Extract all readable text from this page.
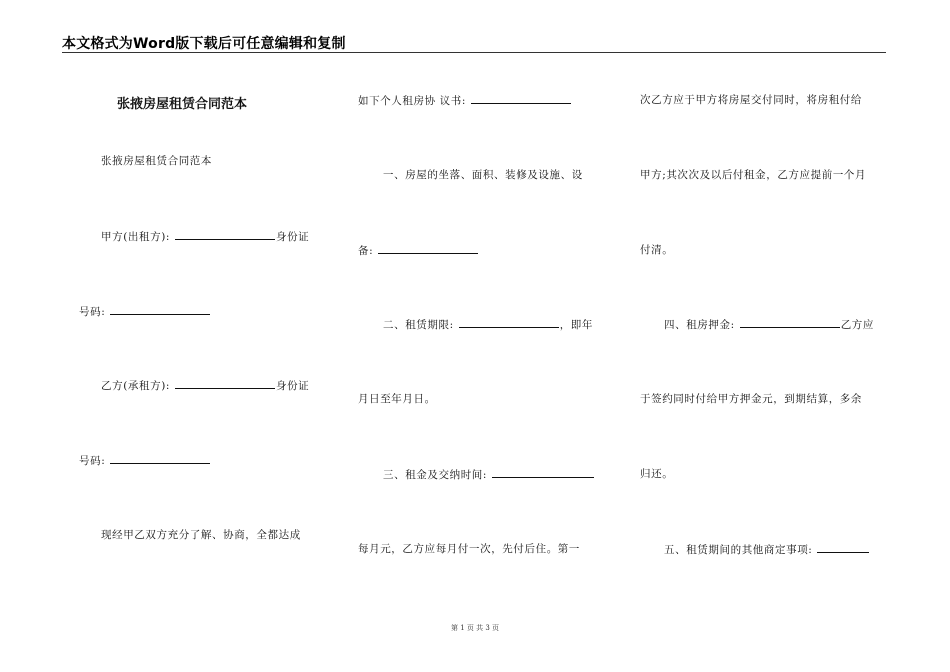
本文格式为Word版下载后可任意编辑和复制
张掖房屋租赁合同范本
张掖房屋租赁合同范本
甲方(出租方):	身份证
号码:
乙方(承租方):	身份证
号码:
现经甲乙双方充分了解、协商，全都达成
如下个人租房协 议书:
一、房屋的坐落、面积、装修及设施、设
备:
二、租赁期限:	，即年
月日至年月日。
三、租金及交纳时间:
每月元，乙方应每月付一次，先付后住。第一
次乙方应于甲方将房屋交付同时，将房租付给
甲方;其次次及以后付租金，乙方应提前一个月
付清。
四、租房押金:	乙方应
于签约同时付给甲方押金元，到期结算，多余
归还。
五、租赁期间的其他商定事项:
第 1 页 共 3 页
